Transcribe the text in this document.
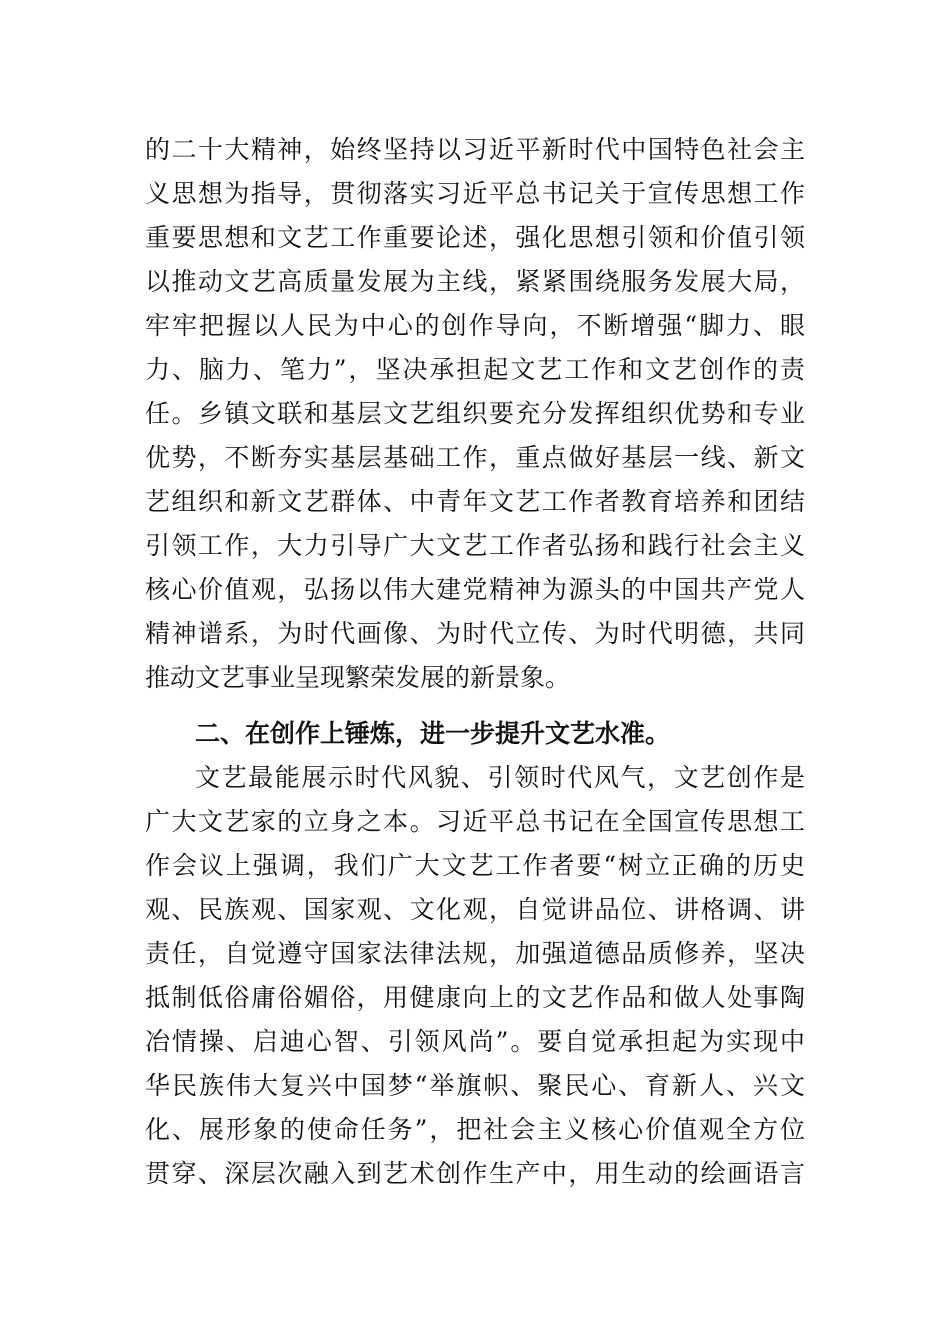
的二十大精神，始终坚持以习近平新时代中国特色社会主
义思想为指导，贯彻落实习近平总书记关于宣传思想工作
重要思想和文艺工作重要论述，强化思想引领和价值引领
以推动文艺高质量发展为主线，紧紧围绕服务发展大局，
牢牢把握以人民为中心的创作导向，不断增强“脚力、眼
力、脑力、笔力”，坚决承担起文艺工作和文艺创作的责
任。乡镇文联和基层文艺组织要充分发挥组织优势和专业
优势，不断夯实基层基础工作，重点做好基层一线、新文
艺组织和新文艺群体、中青年文艺工作者教育培养和团结
引领工作，大力引导广大文艺工作者弘扬和践行社会主义
核心价值观，弘扬以伟大建党精神为源头的中国共产党人
精神谱系，为时代画像、为时代立传、为时代明德，共同
推动文艺事业呈现繁荣发展的新景象。
二、在创作上锤炼，进一步提升文艺水准。
文艺最能展示时代风貌、引领时代风气，文艺创作是
广大文艺家的立身之本。习近平总书记在全国宣传思想工
作会议上强调，我们广大文艺工作者要“树立正确的历史
观、民族观、国家观、文化观，自觉讲品位、讲格调、讲
责任，自觉遵守国家法律法规，加强道德品质修养，坚决
抵制低俗庸俗媚俗，用健康向上的文艺作品和做人处事陶
冶情操、启迪心智、引领风尚”。要自觉承担起为实现中
华民族伟大复兴中国梦“举旗帜、聚民心、育新人、兴文
化、展形象的使命任务”，把社会主义核心价值观全方位
贯穿、深层次融入到艺术创作生产中，用生动的绘画语言
